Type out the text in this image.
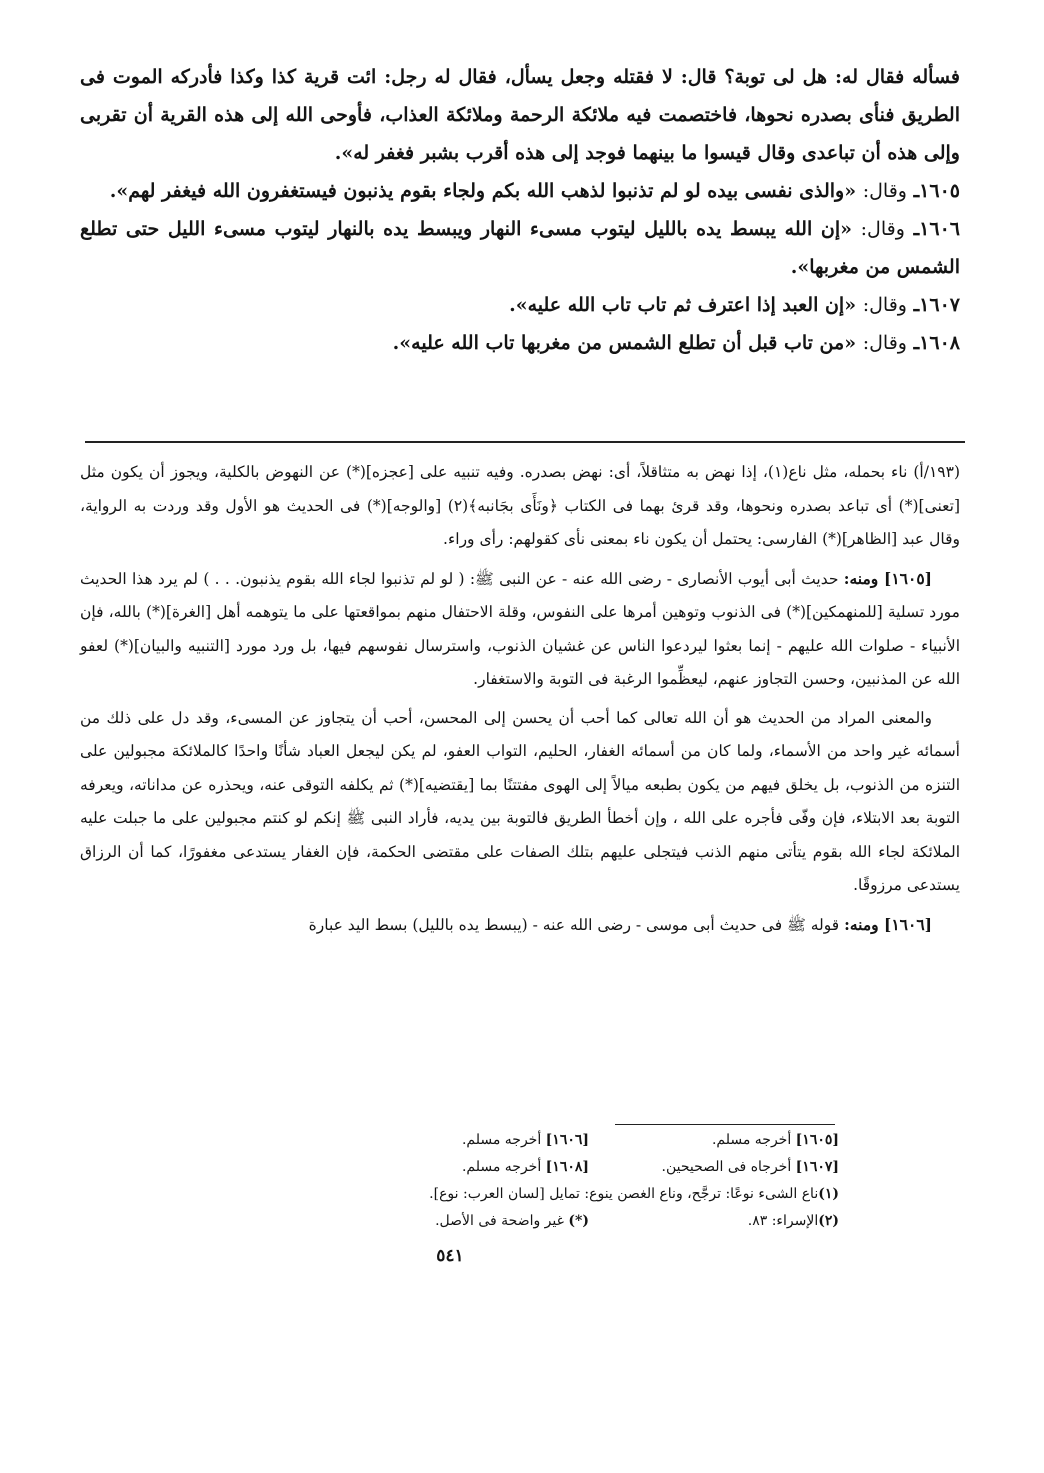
فسأله فقال له: هل لى توبة؟ قال: لا فقتله وجعل يسأل، فقال له رجل: ائت قرية كذا وكذا فأدركه الموت فى الطريق فنأى بصدره نحوها، فاختصمت فيه ملائكة الرحمة وملائكة العذاب، فأوحى الله إلى هذه القرية أن تقربى وإلى هذه أن تباعدى وقال قيسوا ما بينهما فوجد إلى هذه أقرب بشبر فغفر له».

١٦٠٥ـ وقال: «والذى نفسى بيده لو لم تذنبوا لذهب الله بكم ولجاء بقوم يذنبون فيستغفرون الله فيغفر لهم».

١٦٠٦ـ وقال: «إن الله يبسط يده بالليل ليتوب مسىء النهار ويبسط يده بالنهار ليتوب مسىء الليل حتى تطلع الشمس من مغربها».

١٦٠٧ـ وقال: «إن العبد إذا اعترف ثم تاب تاب الله عليه».

١٦٠٨ـ وقال: «من تاب قبل أن تطلع الشمس من مغربها تاب الله عليه».

(١٩٣/أ) ناء بحمله، مثل ناع(١)، إذا نهض به متثاقلاً، أى: نهض بصدره. وفيه تنبيه على [عجزه](*) عن النهوض بالكلية، ويجوز أن يكون مثل [تعنى](*) أى تباعد بصدره ونحوها، وقد قرئ بهما فى الكتاب ﴿ونَأَى بجَانبه﴾(٢) [والوجه](*) فى الحديث هو الأول وقد وردت به الرواية، وقال عبد [الظاهر](*) الفارسى: يحتمل أن يكون ناء بمعنى نأى كقولهم: رأى وراء.

[١٦٠٥] ومنه: حديث أبى أيوب الأنصارى - رضى الله عنه - عن النبى ﷺ: ( لو لم تذنبوا لجاء الله بقوم يذنبون. . . ) لم يرد هذا الحديث مورد تسلية [للمنهمكين](*) فى الذنوب وتوهين أمرها على النفوس، وقلة الاحتفال منهم بمواقعتها على ما يتوهمه أهل [الغرة](*) بالله، فإن الأنبياء - صلوات الله عليهم - إنما بعثوا ليردعوا الناس عن غشيان الذنوب، واسترسال نفوسهم فيها، بل ورد مورد [التنبيه والبيان](*) لعفو الله عن المذنبين، وحسن التجاوز عنهم، ليعظِّموا الرغبة فى التوبة والاستغفار.

والمعنى المراد من الحديث هو أن الله تعالى كما أحب أن يحسن إلى المحسن، أحب أن يتجاوز عن المسىء، وقد دل على ذلك من أسمائه غير واحد من الأسماء، ولما كان من أسمائه الغفار، الحليم، التواب العفو، لم يكن ليجعل العباد شأنًا واحدًا كالملائكة مجبولين على التنزه من الذنوب، بل يخلق فيهم من يكون بطبعه ميالاً إلى الهوى مفتتنًا بما [يقتضيه](*) ثم يكلفه التوقى عنه، ويحذره عن مداناته، ويعرفه التوبة بعد الابتلاء، فإن وفّى فأجره على الله ، وإن أخطأ الطريق فالتوبة بين يديه، فأراد النبى ﷺ إنكم لو كنتم مجبولين على ما جبلت عليه الملائكة لجاء الله بقوم يتأتى منهم الذنب فيتجلى عليهم بتلك الصفات على مقتضى الحكمة، فإن الغفار يستدعى مغفورًا، كما أن الرزاق يستدعى مرزوقًا.

[١٦٠٦] ومنه: قوله ﷺ فى حديث أبى موسى - رضى الله عنه - (يبسط يده بالليل) بسط اليد عبارة

[١٦٠٥] أخرجه مسلم.
[١٦٠٦] أخرجه مسلم.
[١٦٠٧] أخرجاه فى الصحيحين.
[١٦٠٨] أخرجه مسلم.
(١)ناع الشىء نوعًا: ترجَّح، وناع الغصن ينوع: تمايل [لسان العرب: نوع].
(٢)الإسراء: ٨٣.
(*) غير واضحة فى الأصل.
٥٤١
